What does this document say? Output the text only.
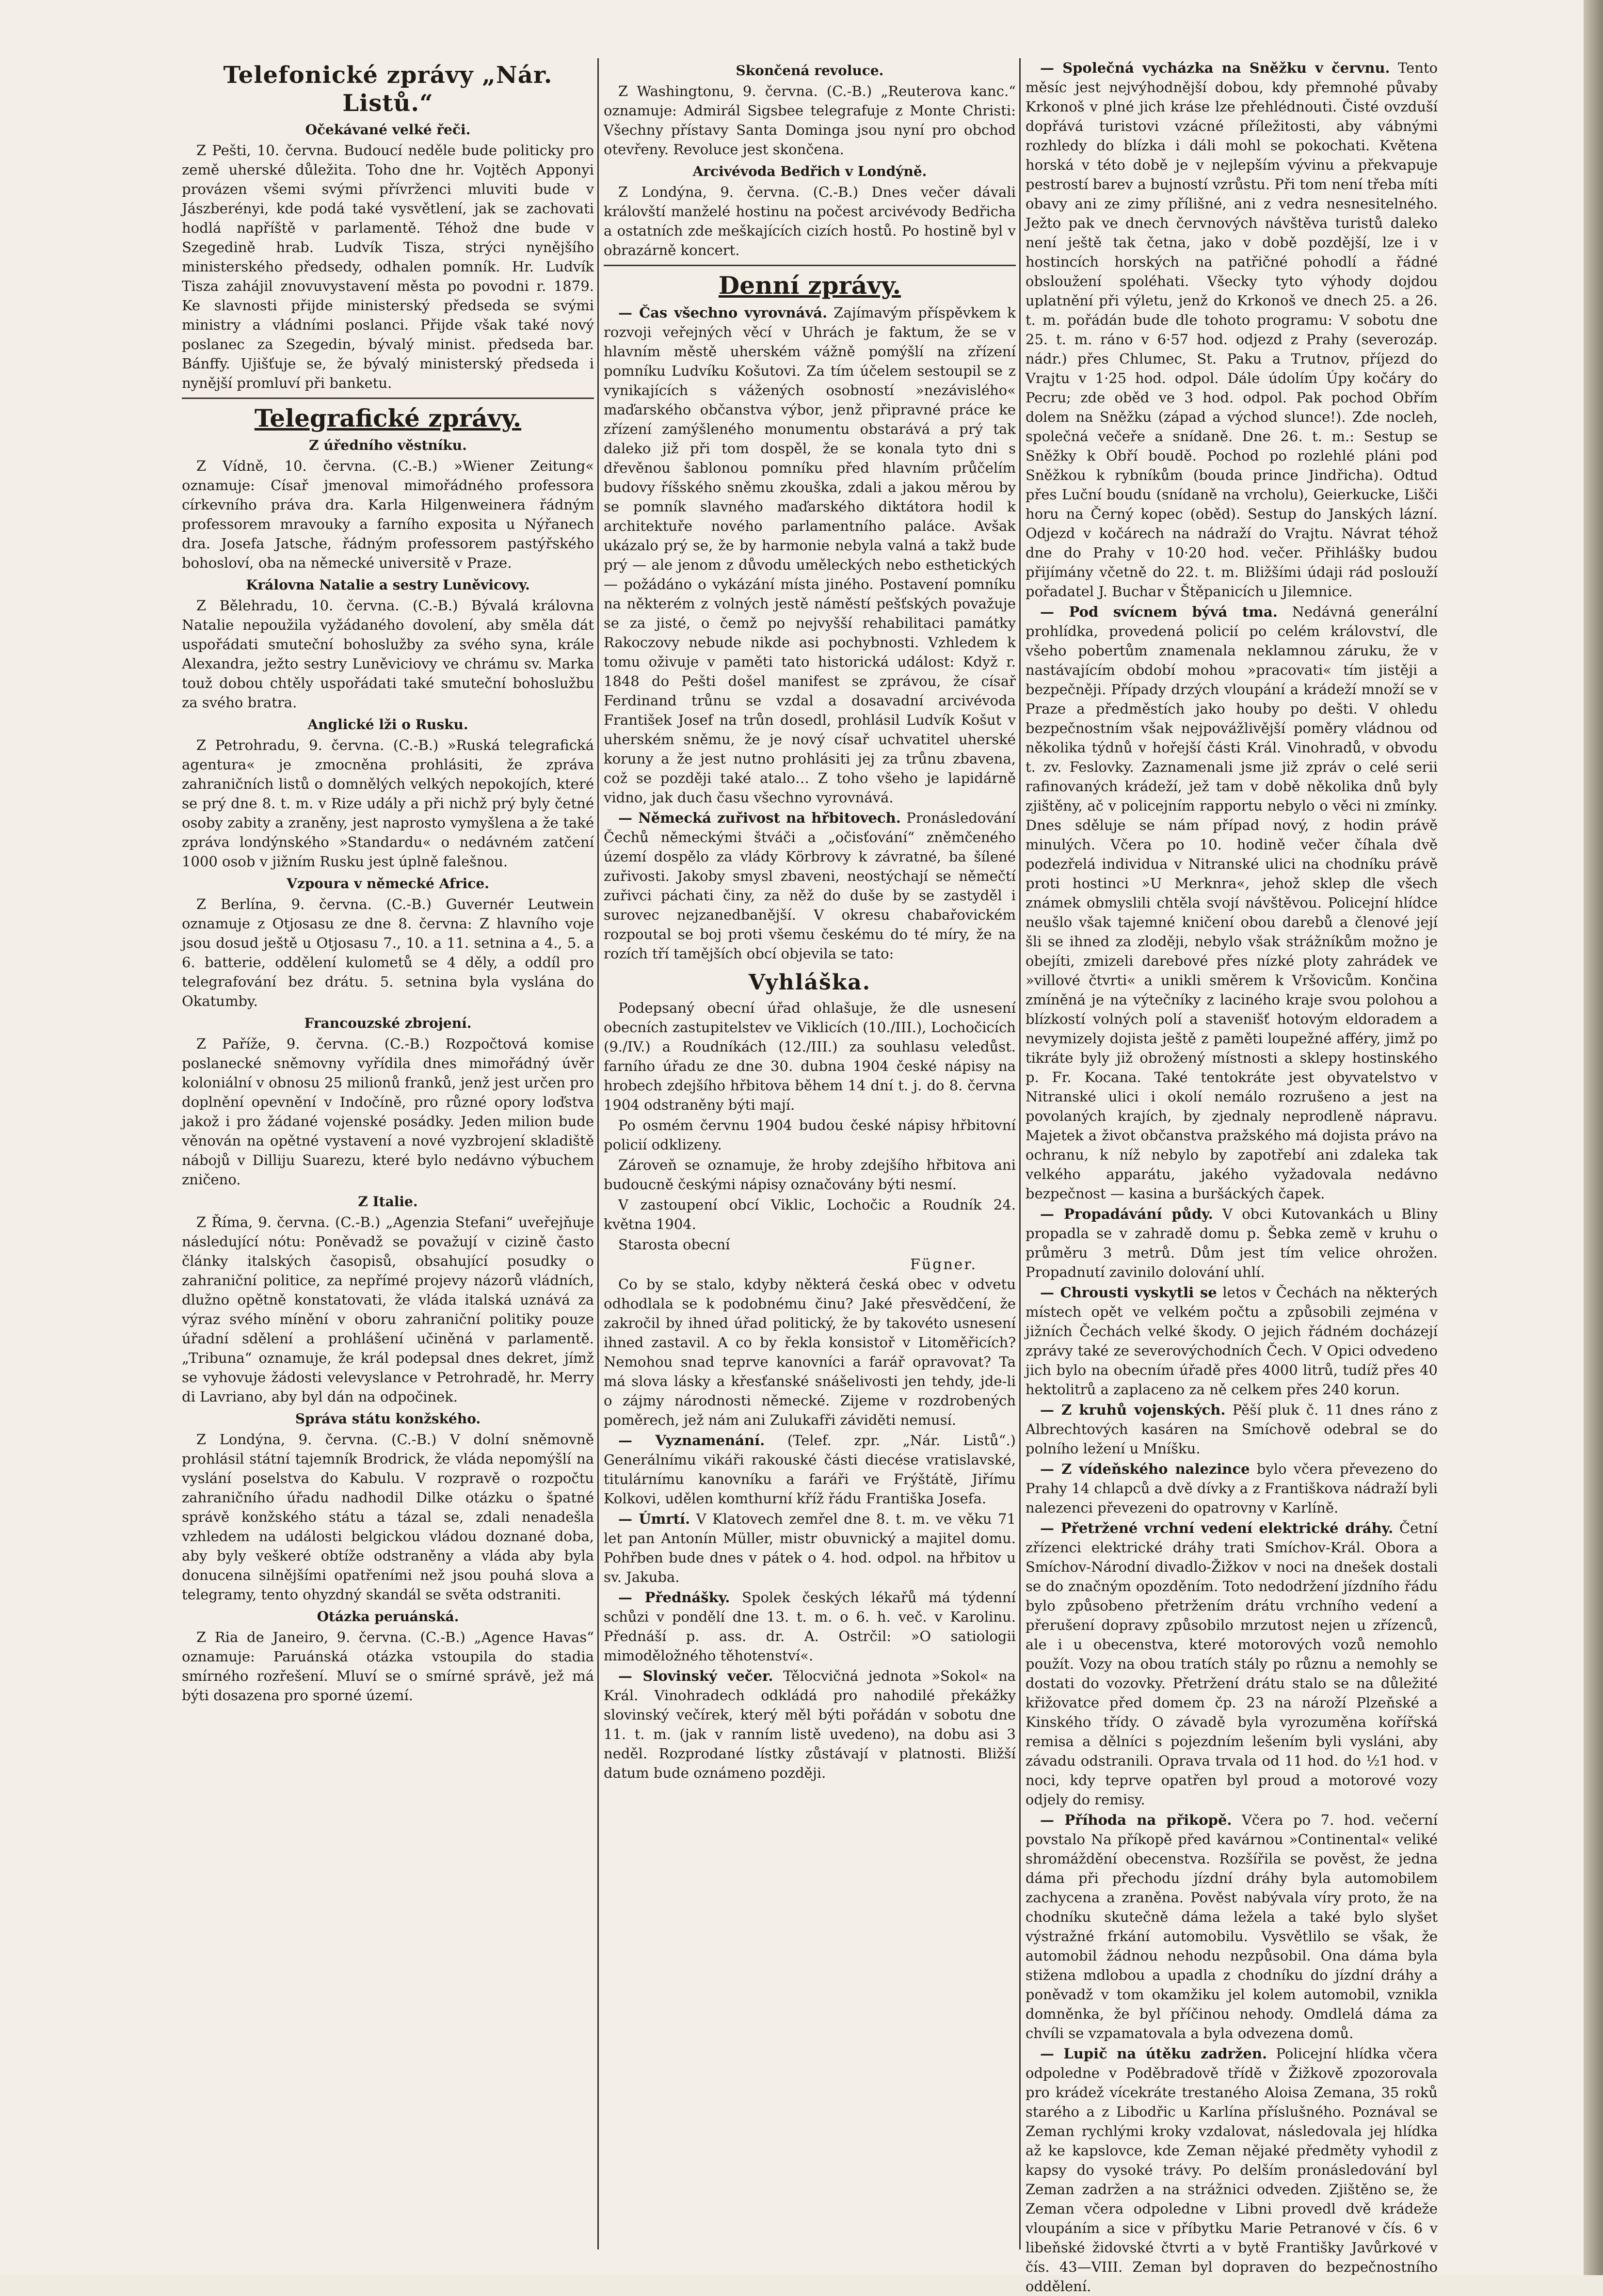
Telefonické zprávy „Nár. Listů.“
Očekávané velké řeči.

Z Pešti, 10. června. Budoucí neděle bude politicky pro země uherské důležita. Toho dne hr. Vojtěch Apponyi provázen všemi svými přívrženci mluviti bude v Jászberényi, kde podá také vysvětlení, jak se zachovati hodlá napříště v parlamentě. Téhož dne bude v Szegedině hrab. Ludvík Tisza, strýci nynějšího ministerského předsedy, odhalen pomník. Hr. Ludvík Tisza zahájil znovuvystavení města po povodni r. 1879. Ke slavnosti přijde ministerský předseda se svými ministry a vládními poslanci. Přijde však také nový poslanec za Szegedin, bývalý minist. předseda bar. Bánffy. Ujišťuje se, že bývalý ministerský předseda i nynější promluví při banketu.

Telegrafické zprávy.
Z úředního věstníku.

Z Vídně, 10. června. (C.-B.) »Wiener Zeitung« oznamuje: Císař jmenoval mimořádného professora církevního práva dra. Karla Hilgenweinera řádným professorem mravouky a farního exposita u Nýřanech dra. Josefa Jatsche, řádným professorem pastýřského bohosloví, oba na německé universitě v Praze.

Královna Natalie a sestry Luněvicovy.

Z Bělehradu, 10. června. (C.-B.) Bývalá královna Natalie nepoužila vyžádaného dovolení, aby směla dát uspořádati smuteční bohoslužby za svého syna, krále Alexandra, ježto sestry Luněviciovy ve chrámu sv. Marka touž dobou chtěly uspořádati také smuteční bohoslužbu za svého bratra.

Anglické lži o Rusku.

Z Petrohradu, 9. června. (C.-B.) »Ruská telegrafická agentura« je zmocněna prohlásiti, že zpráva zahraničních listů o domnělých velkých nepokojích, které se prý dne 8. t. m. v Rize udály a při nichž prý byly četné osoby zabity a zraněny, jest naprosto vymyšlena a že také zpráva londýnského »Standardu« o nedávném zatčení 1000 osob v jižním Rusku jest úplně falešnou.

Vzpoura v německé Africe.

Z Berlína, 9. června. (C.-B.) Guvernér Leutwein oznamuje z Otjosasu ze dne 8. června: Z hlavního voje jsou dosud ještě u Otjosasu 7., 10. a 11. setnina a 4., 5. a 6. batterie, oddělení kulometů se 4 děly, a oddíl pro telegrafování bez drátu. 5. setnina byla vyslána do Okatumby.

Francouzské zbrojení.

Z Paříže, 9. června. (C.-B.) Rozpočtová komise poslanecké sněmovny vyřídila dnes mimořádný úvěr koloniální v obnosu 25 milionů franků, jenž jest určen pro doplnění opevnění v Indočíně, pro různé opory loďstva jakož i pro žádané vojenské posádky. Jeden milion bude věnován na opětné vystavení a nové vyzbrojení skladiště nábojů v Dilliju Suarezu, které bylo nedávno výbuchem zničeno.

Z Italie.

Z Říma, 9. června. (C.-B.) „Agenzia Stefani“ uveřejňuje následující nótu: Poněvadž se považují v cizině často články italských časopisů, obsahující posudky o zahraniční politice, za nepřímé projevy názorů vládních, dlužno opětně konstatovati, že vláda italská uznává za výraz svého mínění v oboru zahraniční politiky pouze úřadní sdělení a prohlášení učiněná v parlamentě. „Tribuna“ oznamuje, že král podepsal dnes dekret, jímž se vyhovuje žádosti velevyslance v Petrohradě, hr. Merry di Lavriano, aby byl dán na odpočinek.

Správa státu konžského.

Z Londýna, 9. června. (C.-B.) V dolní sněmovně prohlásil státní tajemník Brodrick, že vláda nepomýšlí na vyslání poselstva do Kabulu. V rozpravě o rozpočtu zahraničního úřadu nadhodil Dilke otázku o špatné správě konžského státu a tázal se, zdali nenadešla vzhledem na události belgickou vládou doznané doba, aby byly veškeré obtíže odstraněny a vláda aby byla donucena silnějšími opatřeními než jsou pouhá slova a telegramy, tento ohyzdný skandál se světa odstraniti.

Otázka peruánská.

Z Ria de Janeiro, 9. června. (C.-B.) „Agence Havas“ oznamuje: Paruánská otázka vstoupila do stadia smírného rozřešení. Mluví se o smírné správě, jež má býti dosazena pro sporné území.

Skončená revoluce.

Z Washingtonu, 9. června. (C.-B.) „Reuterova kanc.“ oznamuje: Admirál Sigsbee telegrafuje z Monte Christi: Všechny přístavy Santa Dominga jsou nyní pro obchod otevřeny. Revoluce jest skončena.

Arcivévoda Bedřich v Londýně.

Z Londýna, 9. června. (C.-B.) Dnes večer dávali královští manželé hostinu na počest arcivévody Bedřicha a ostatních zde meškajících cizích hostů. Po hostině byl v obrazárně koncert.

Denní zprávy.

— Čas všechno vyrovnává. Zajímavým příspěvkem k rozvoji veřejných věcí v Uhrách je faktum, že se v hlavním městě uherském vážně pomýšlí na zřízení pomníku Ludvíku Košutovi. Za tím účelem sestoupil se z vynikajících s vážených osobností »nezávislého« maďarského občanstva výbor, jenž připravné práce ke zřízení zamýšleného monumentu obstarává a prý tak daleko již při tom dospěl, že se konala tyto dni s dřevěnou šablonou pomníku před hlavním průčelím budovy říšského sněmu zkouška, zdali a jakou měrou by se pomník slavného maďarského diktátora hodil k architektuře nového parlamentního paláce. Avšak ukázalo prý se, že by harmonie nebyla valná a takž bude prý — ale jenom z důvodu uměleckých nebo esthetických — požádáno o vykázání místa jiného. Postavení pomníku na některém z volných jestě náměstí pešťských považuje se za jisté, o čemž po nejvyšší rehabilitaci památky Rakoczovy nebude nikde asi pochybnosti. Vzhledem k tomu oživuje v paměti tato historická událost: Když r. 1848 do Pešti došel manifest se zprávou, že císař Ferdinand trůnu se vzdal a dosavadní arcivévoda František Josef na trůn dosedl, prohlásil Ludvík Košut v uherském sněmu, že je nový císař uchvatitel uherské koruny a že jest nutno prohlásiti jej za trůnu zbavena, což se později také atalo… Z toho všeho je lapidárně vidno, jak duch času všechno vyrovnává.

— Německá zuřivost na hřbitovech. Pronásledování Čechů německými štváči a „očisťování“ zněmčeného území dospělo za vlády Körbrovy k závratné, ba šílené zuřivosti. Jakoby smysl zbaveni, neostýchají se němečtí zuřivci páchati činy, za něž do duše by se zastyděl i surovec nejzanedbanější. V okresu chabařovickém rozpoutal se boj proti všemu českému do té míry, že na rozích tří tamějších obcí objevila se tato:

Vyhláška.

Podepsaný obecní úřad ohlašuje, že dle usnesení obecních zastupitelstev ve Viklicích (10./III.), Lochočicích (9./IV.) a Roudníkách (12./III.) za souhlasu veledůst. farního úřadu ze dne 30. dubna 1904 české nápisy na hrobech zdejšího hřbitova během 14 dní t. j. do 8. června 1904 odstraněny býti mají.

Po osmém červnu 1904 budou české nápisy hřbitovní policií odklizeny.

Zároveň se oznamuje, že hroby zdejšího hřbitova ani budoucně českými nápisy označovány býti nesmí.

V zastoupení obcí Viklic, Lochočic a Roudník 24. května 1904.

Starosta obecní

Fügner.

Co by se stalo, kdyby některá česká obec v odvetu odhodlala se k podobnému činu? Jaké přesvědčení, že zakročil by ihned úřad politický, že by takovéto usnesení ihned zastavil. A co by řekla konsistoř v Litoměřicích? Nemohou snad teprve kanovníci a farář opravovat? Ta má slova lásky a křesťanské snášelivosti jen tehdy, jde-li o zájmy národnosti německé. Zijeme v rozdrobených poměrech, jež nám ani Zulukafři záviděti nemusí.

— Vyznamenání. (Telef. zpr. „Nár. Listů“.) Generálnímu vikáři rakouské části diecése vratislavské, titulárnímu kanovníku a faráři ve Frýštátě, Jiřímu Kolkovi, udělen komthurní kříž řádu Františka Josefa.

— Úmrtí. V Klatovech zemřel dne 8. t. m. ve věku 71 let pan Antonín Müller, mistr obuvnický a majitel domu. Pohřben bude dnes v pátek o 4. hod. odpol. na hřbitov u sv. Jakuba.

— Přednášky. Spolek českých lékařů má týdenní schůzi v pondělí dne 13. t. m. o 6. h. več. v Karolinu. Přednáší p. ass. dr. A. Ostrčil: »O satiologii mimoděložného těhotenství«.

— Slovinský večer. Tělocvičná jednota »Sokol« na Král. Vinohradech odkládá pro nahodilé překážky slovinský večírek, který měl býti pořádán v sobotu dne 11. t. m. (jak v ranním listě uvedeno), na dobu asi 3 neděl. Rozprodané lístky zůstávají v platnosti. Bližší datum bude oznámeno později.

— Společná vycházka na Sněžku v červnu. Tento měsíc jest nejvýhodnější dobou, kdy přemnohé půvaby Krkonoš v plné jich kráse lze přehlédnouti. Čisté ovzduší dopřává turistovi vzácné příležitosti, aby vábnými rozhledy do blízka i dáli mohl se pokochati. Květena horská v této době je v nejlepším vývinu a překvapuje pestrostí barev a bujností vzrůstu. Při tom není třeba míti obavy ani ze zimy přílišné, ani z vedra nesnesitelného. Ježto pak ve dnech červnových návštěva turistů daleko není ještě tak četna, jako v době pozdější, lze i v hostincích horských na patřičné pohodlí a řádné obsloužení spoléhati. Všecky tyto výhody dojdou uplatnění při výletu, jenž do Krkonoš ve dnech 25. a 26. t. m. pořádán bude dle tohoto programu: V sobotu dne 25. t. m. ráno v 6·57 hod. odjezd z Prahy (severozáp. nádr.) přes Chlumec, St. Paku a Trutnov, příjezd do Vrajtu v 1·25 hod. odpol. Dále údolím Úpy kočáry do Pecru; zde oběd ve 3 hod. odpol. Pak pochod Obřím dolem na Sněžku (západ a východ slunce!). Zde nocleh, společná večeře a snídaně. Dne 26. t. m.: Sestup se Sněžky k Obří boudě. Pochod po rozlehlé pláni pod Sněžkou k rybníkům (bouda prince Jindřicha). Odtud přes Luční boudu (snídaně na vrcholu), Geierkucke, Lišči horu na Černý kopec (oběd). Sestup do Janských lázní. Odjezd v kočárech na nádraží do Vrajtu. Návrat téhož dne do Prahy v 10·20 hod. večer. Přihlášky budou přijímány včetně do 22. t. m. Bližšími údaji rád poslouží pořadatel J. Buchar v Štěpanicích u Jilemnice.

— Pod svícnem bývá tma. Nedávná generální prohlídka, provedená policií po celém království, dle všeho pobertům znamenala neklamnou záruku, že v nastávajícím období mohou »pracovati« tím jistěji a bezpečněji. Případy drzých vloupání a krádeží množí se v Praze a předměstích jako houby po dešti. V ohledu bezpečnostním však nejpovážlivější poměry vládnou od několika týdnů v hořejší části Král. Vinohradů, v obvodu t. zv. Feslovky. Zaznamenali jsme již zpráv o celé serii rafinovaných krádeží, jež tam v době několika dnů byly zjištěny, ač v policejním rapportu nebylo o věci ni zmínky. Dnes sděluje se nám případ nový, z hodin právě minulých. Včera po 10. hodině večer číhala dvě podezřelá individua v Nitranské ulici na chodníku právě proti hostinci »U Merknra«, jehož sklep dle všech známek obmyslili chtěla svojí návštěvou. Policejní hlídce neušlo však tajemné kničení obou darebů a členové její šli se ihned za zloději, nebylo však strážníkům možno je obejíti, zmizeli darebové přes nízké ploty zahrádek ve »villové čtvrti« a unikli směrem k Vršovicům. Končina zmíněná je na výtečníky z laciného kraje svou polohou a blízkostí volných polí a stavenišť hotovým eldoradem a nevymizely dojista ještě z paměti loupežné afféry, jimž po tikráte byly již obrožený místnosti a sklepy hostinského p. Fr. Kocana. Také tentokráte jest obyvatelstvo v Nitranské ulici i okolí nemálo rozrušeno a jest na povolaných krajích, by zjednaly neprodleně nápravu. Majetek a život občanstva pražského má dojista právo na ochranu, k níž nebylo by zapotřebí ani zdaleka tak velkého apparátu, jakého vyžadovala nedávno bezpečnost — kasina a buršáckých čapek.

— Propadávání půdy. V obci Kutovankách u Bliny propadla se v zahradě domu p. Šebka země v kruhu o průměru 3 metrů. Dům jest tím velice ohrožen. Propadnutí zavinilo dolování uhlí.

— Chrousti vyskytli se letos v Čechách na některých místech opět ve velkém počtu a způsobili zejména v jižních Čechách velké škody. O jejich řádném docházejí zprávy také ze severovýchodních Čech. V Opici odvedeno jich bylo na obecním úřadě přes 4000 litrů, tudíž přes 40 hektolitrů a zaplaceno za ně celkem přes 240 korun.

— Z kruhů vojenských. Pěší pluk č. 11 dnes ráno z Albrechtových kasáren na Smíchově odebral se do polního ležení u Mníšku.

— Z vídeňského nalezince bylo včera převezeno do Prahy 14 chlapců a dvě dívky a z Františkova nádraží byli nalezenci převezeni do opatrovny v Karlíně.

— Přetržené vrchní vedení elektrické dráhy. Četní zřízenci elektrické dráhy trati Smíchov-Král. Obora a Smíchov-Národní divadlo-Žižkov v noci na dnešek dostali se do značným opozděním. Toto nedodržení jízdního řádu bylo způsobeno přetržením drátu vrchního vedení a přerušení dopravy způsobilo mrzutost nejen u zřízenců, ale i u obecenstva, které motorových vozů nemohlo použít. Vozy na obou tratích stály po různu a nemohly se dostati do vozovky. Přetržení drátu stalo se na důležité křižovatce před domem čp. 23 na nároží Plzeňské a Kinského třídy. O závadě byla vyrozuměna kořířská remisa a dělníci s pojezdním lešením byli vysláni, aby závadu odstranili. Oprava trvala od 11 hod. do ½1 hod. v noci, kdy teprve opatřen byl proud a motorové vozy odjely do remisy.

— Příhoda na přikopě. Včera po 7. hod. večerní povstalo Na příkopě před kavárnou »Continental« veliké shromáždění obecenstva. Rozšířila se pověst, že jedna dáma při přechodu jízdní dráhy byla automobilem zachycena a zraněna. Pověst nabývala víry proto, že na chodníku skutečně dáma ležela a také bylo slyšet výstražné frkání automobilu. Vysvětlilo se však, že automobil žádnou nehodu nezpůsobil. Ona dáma byla stižena mdlobou a upadla z chodníku do jízdní dráhy a poněvadž v tom okamžiku jel kolem automobil, vznikla domněnka, že byl příčinou nehody. Omdlelá dáma za chvíli se vzpamatovala a byla odvezena domů.

— Lupič na útěku zadržen. Policejní hlídka včera odpoledne v Poděbradově třídě v Žižkově zpozorovala pro krádež vícekráte trestaného Aloisa Zemana, 35 roků starého a z Libodřic u Karlína příslušného. Poznával se Zeman rychlými kroky vzdalovat, následovala jej hlídka až ke kapslovce, kde Zeman nějaké předměty vyhodil z kapsy do vysoké trávy. Po delším pronásledování byl Zeman zadržen a na strážnici odveden. Zjištěno se, že Zeman včera odpoledne v Libni provedl dvě krádeže vloupáním a sice v příbytku Marie Petranové v čís. 6 v libeňské židovské čtvrti a v bytě Františky Javůrkové v čís. 43—VIII. Zeman byl dopraven do bezpečnostního oddělení.
